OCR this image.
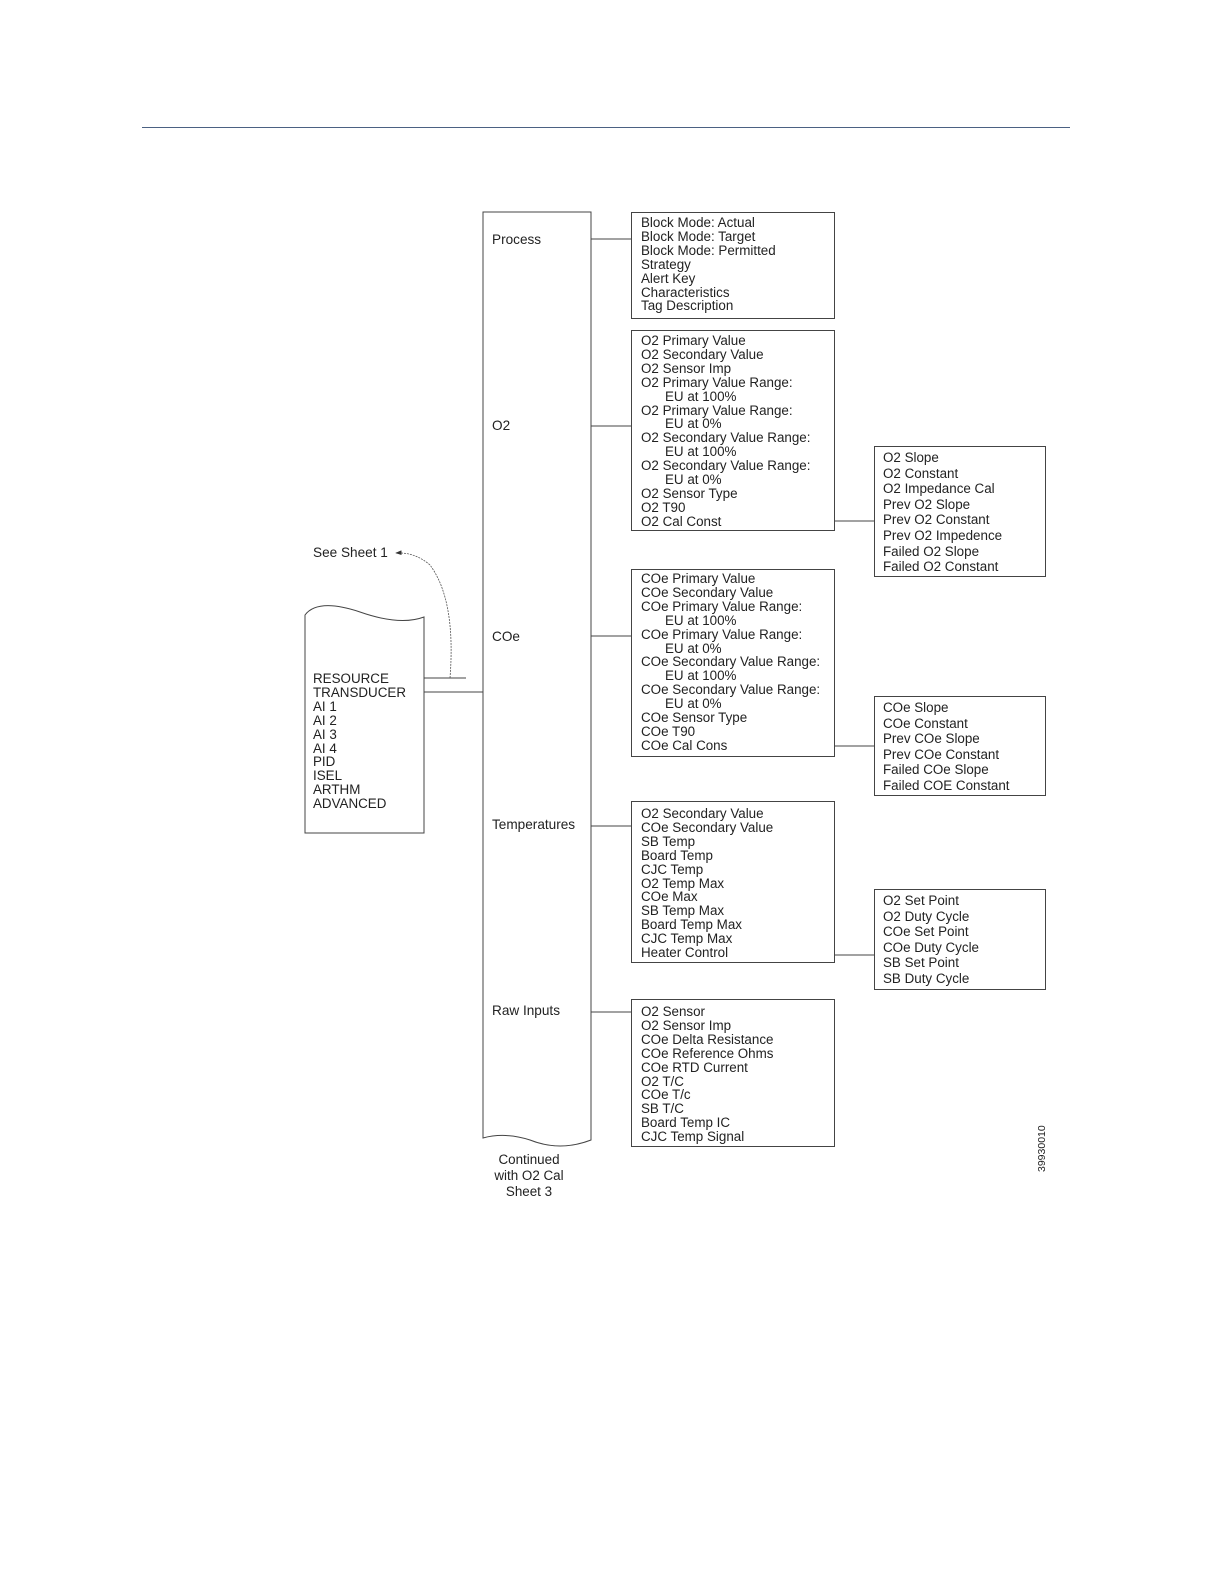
See Sheet 1
RESOURCE
TRANSDUCER
AI 1
AI 2
AI 3
AI 4
PID
ISEL
ARTHM
ADVANCED
Process
O2
COe
Temperatures
Raw Inputs
Block Mode: Actual
Block Mode: Target
Block Mode: Permitted
Strategy
Alert Key
Characteristics
Tag Description
O2 Primary Value
O2 Secondary Value
O2 Sensor Imp
O2 Primary Value Range:
EU at 100%
O2 Primary Value Range:
EU at 0%
O2 Secondary Value Range:
EU at 100%
O2 Secondary Value Range:
EU at 0%
O2 Sensor Type
O2 T90
O2 Cal Const
COe Primary Value
COe Secondary Value
COe Primary Value Range:
EU at 100%
COe Primary Value Range:
EU at 0%
COe Secondary Value Range:
EU at 100%
COe Secondary Value Range:
EU at 0%
COe Sensor Type
COe T90
COe Cal Cons
O2 Secondary Value
COe Secondary Value
SB Temp
Board Temp
CJC Temp
O2 Temp Max
COe Max
SB Temp Max
Board Temp Max
CJC Temp Max
Heater Control
O2 Sensor
O2 Sensor Imp
COe Delta Resistance
COe Reference Ohms
COe RTD Current
O2 T/C
COe T/c
SB T/C
Board Temp IC
CJC Temp Signal
O2 Slope
O2 Constant
O2 Impedance Cal
Prev O2 Slope
Prev O2 Constant
Prev O2 Impedence
Failed O2 Slope
Failed O2 Constant
COe Slope
COe Constant
Prev COe Slope
Prev COe Constant
Failed COe Slope
Failed COE Constant
O2 Set Point
O2 Duty Cycle
COe Set Point
COe Duty Cycle
SB Set Point
SB Duty Cycle
Continued
with O2 Cal
Sheet 3
39930010
